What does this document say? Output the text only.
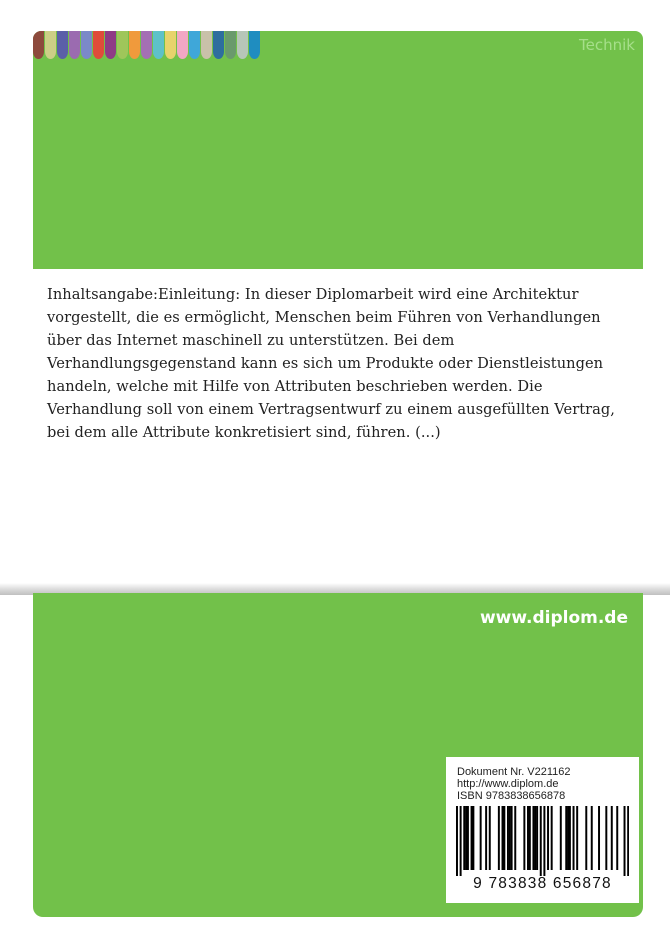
Technik

Inhaltsangabe:Einleitung: In dieser Diplomarbeit wird eine Architektur vorgestellt, die es ermöglicht, Menschen beim Führen von Verhandlungen über das Internet maschinell zu unterstützen. Bei dem Verhandlungsgegenstand kann es sich um Produkte oder Dienstleistungen handeln, welche mit Hilfe von Attributen beschrieben werden. Die Verhandlung soll von einem Vertragsentwurf zu einem ausgefüllten Vertrag, bei dem alle Attribute konkretisiert sind, führen. (...)

www.diplom.de
Dokument Nr. V221162
http://www.diplom.de
ISBN 9783838656878
9 783838 656878
